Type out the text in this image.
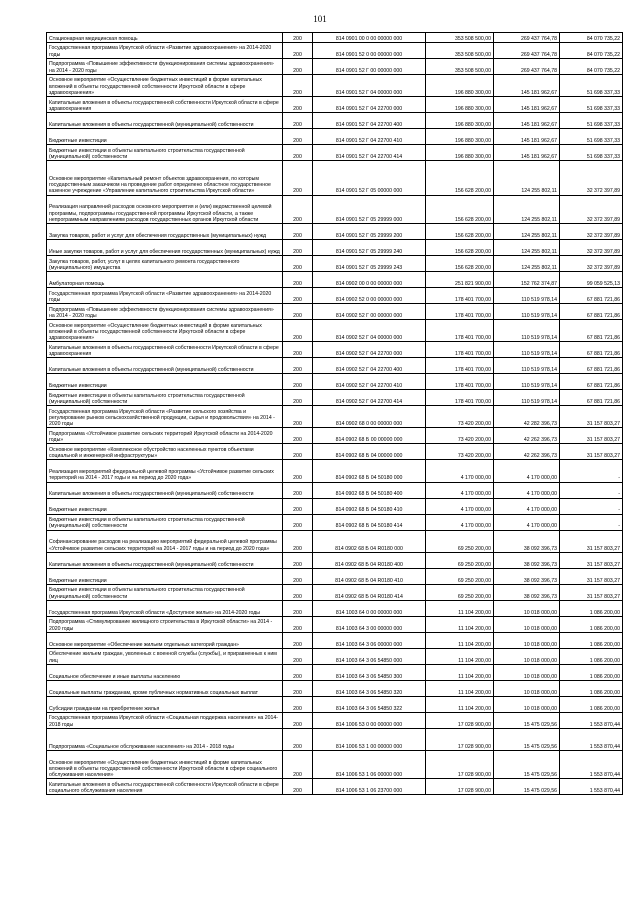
101
Стационарная медицинская помощь	200	814 0901 00 0 00 00000 000	353 508 500,00	269 437 764,78	84 070 735,22
Государственная программа Иркутской области «Развитие здравоохранения» на 2014-2020 годы	200	814 0901 52 0 00 00000 000	353 508 500,00	269 437 764,78	84 070 735,22
Подпрограмма «Повышение эффективности функционирования системы здравоохранения» на 2014 - 2020 годы	200	814 0901 52 Г 00 00000 000	353 508 500,00	269 437 764,78	84 070 735,22
Основное мероприятие «Осуществление бюджетных инвестиций в форме капитальных вложений в объекты государственной собственности Иркутской области в сфере здравоохранения»	200	814 0901 52 Г 04 00000 000	196 880 300,00	145 181 962,67	51 698 337,33
Капитальные вложения в объекты государственной собственности Иркутской области в сфере здравоохранения	200	814 0901 52 Г 04 22700 000	196 880 300,00	145 181 962,67	51 698 337,33
Капитальные вложения в объекты государственной (муниципальной) собственности	200	814 0901 52 Г 04 22700 400	196 880 300,00	145 181 962,67	51 698 337,33
Бюджетные инвестиции	200	814 0901 52 Г 04 22700 410	196 880 300,00	145 181 962,67	51 698 337,33
Бюджетные инвестиции в объекты капитального строительства государственной (муниципальной) собственности	200	814 0901 52 Г 04 22700 414	196 880 300,00	145 181 962,67	51 698 337,33
Основное мероприятие «Капитальный ремонт объектов здравоохранения, по которым государственным заказчиком на проведение работ определено областное государственное казенное учреждение «Управление капитального строительства Иркутской области»	200	814 0901 52 Г 05 00000 000	156 628 200,00	124 255 802,11	32 372 397,89
Реализация направлений расходов основного мероприятия и (или) ведомственной целевой программы, подпрограммы государственной программы Иркутской области, а также непрограммным направлениям расходов государственных органов Иркутской области	200	814 0901 52 Г 05 29999 000	156 628 200,00	124 255 802,11	32 372 397,89
Закупка товаров, работ и услуг для обеспечения государственных (муниципальных) нужд	200	814 0901 52 Г 05 29999 200	156 628 200,00	124 255 802,11	32 372 397,89
Иные закупки товаров, работ и услуг для обеспечения государственных (муниципальных) нужд	200	814 0901 52 Г 05 29999 240	156 628 200,00	124 255 802,11	32 372 397,89
Закупка товаров, работ, услуг в целях капитального ремонта государственного (муниципального) имущества	200	814 0901 52 Г 05 29999 243	156 628 200,00	124 255 802,11	32 372 397,89
Амбулаторная помощь	200	814 0902 00 0 00 00000 000	251 821 900,00	152 762 374,87	99 059 525,13
Государственная программа Иркутской области «Развитие здравоохранения» на 2014-2020 годы	200	814 0902 52 0 00 00000 000	178 401 700,00	110 519 978,14	67 881 721,86
Подпрограмма «Повышение эффективности функционирования системы здравоохранения» на 2014 - 2020 годы	200	814 0902 52 Г 00 00000 000	178 401 700,00	110 519 978,14	67 881 721,86
Основное мероприятие «Осуществление бюджетных инвестиций в форме капитальных вложений в объекты государственной собственности Иркутской области в сфере здравоохранения»	200	814 0902 52 Г 04 00000 000	178 401 700,00	110 519 978,14	67 881 721,86
Капитальные вложения в объекты государственной собственности Иркутской области в сфере здравоохранения	200	814 0902 52 Г 04 22700 000	178 401 700,00	110 519 978,14	67 881 721,86
Капитальные вложения в объекты государственной (муниципальной) собственности	200	814 0902 52 Г 04 22700 400	178 401 700,00	110 519 978,14	67 881 721,86
Бюджетные инвестиции	200	814 0902 52 Г 04 22700 410	178 401 700,00	110 519 978,14	67 881 721,86
Бюджетные инвестиции в объекты капитального строительства государственной (муниципальной) собственности	200	814 0902 52 Г 04 22700 414	178 401 700,00	110 519 978,14	67 881 721,86
Государственная программа Иркутской области «Развитие сельского хозяйства и регулирование рынков сельскохозяйственной продукции, сырья и продовольствия» на 2014 - 2020 годы	200	814 0902 68 0 00 00000 000	73 420 200,00	42 282 396,73	31 157 803,27
Подпрограмма «Устойчивое развитие сельских территорий Иркутской области на 2014-2020 годы»	200	814 0902 68 Б 00 00000 000	73 420 200,00	42 262 396,73	31 157 803,27
Основное мероприятие «Комплексное обустройство населенных пунктов объектами социальной и инженерной инфраструктуры»	200	814 0902 68 Б 04 00000 000	73 420 200,00	42 262 396,73	31 157 803,27
Реализация мероприятий федеральной целевой программы «Устойчивое развитие сельских территорий на 2014 - 2017 годы и на период до 2020 года»	200	814 0902 68 Б 04 50180 000	4 170 000,00	4 170 000,00	-
Капитальные вложения в объекты государственной (муниципальной) собственности	200	814 0902 68 Б 04 50180 400	4 170 000,00	4 170 000,00	-
Бюджетные инвестиции	200	814 0902 68 Б 04 50180 410	4 170 000,00	4 170 000,00	-
Бюджетные инвестиции в объекты капитального строительства государственной (муниципальной) собственности	200	814 0902 68 Б 04 50180 414	4 170 000,00	4 170 000,00	-
Софинансирование расходов на реализацию мероприятий федеральной целевой программы «Устойчивое развитие сельских территорий на 2014 - 2017 годы и на период до 2020 года»	200	814 0902 68 Б 04 R0180 000	69 250 200,00	38 092 396,73	31 157 803,27
Капитальные вложения в объекты государственной (муниципальной) собственности	200	814 0902 68 Б 04 R0180 400	69 250 200,00	38 092 396,73	31 157 803,27
Бюджетные инвестиции	200	814 0902 68 Б 04 R0180 410	69 250 200,00	38 092 396,73	31 157 803,27
Бюджетные инвестиции в объекты капитального строительства государственной (муниципальной) собственности	200	814 0902 68 Б 04 R0180 414	69 250 200,00	38 092 396,73	31 157 803,27
Государственная программа Иркутской области «Доступное жилье» на 2014-2020 годы	200	814 1003 64 0 00 00000 000	11 104 200,00	10 018 000,00	1 086 200,00
Подпрограмма «Стимулирование жилищного строительства в Иркутской области» на 2014 - 2020 годы	200	814 1003 64 3 00 00000 000	11 104 200,00	10 018 000,00	1 086 200,00
Основное мероприятие «Обеспечение жильем отдельных категорий граждан»	200	814 1003 64 3 06 00000 000	11 104 200,00	10 018 000,00	1 086 200,00
Обеспечение жильем граждан, уволенных с военной службы (службы), и приравненных к ним лиц	200	814 1003 64 3 06 54850 000	11 104 200,00	10 018 000,00	1 086 200,00
Социальное обеспечение и иные выплаты населению	200	814 1003 64 3 06 54850 300	11 104 200,00	10 018 000,00	1 086 200,00
Социальные выплаты гражданам, кроме публичных нормативных социальных выплат	200	814 1003 64 3 06 54850 320	11 104 200,00	10 018 000,00	1 086 200,00
Субсидии гражданам на приобретение жилья	200	814 1003 64 3 06 54850 322	11 104 200,00	10 018 000,00	1 086 200,00
Государственная программа Иркутской области «Социальная поддержка населения» на 2014-2018 годы	200	814 1006 53 0 00 00000 000	17 028 900,00	15 475 029,56	1 553 870,44
Подпрограмма «Социальное обслуживание населения» на 2014 - 2018 годы	200	814 1006 53 1 00 00000 000	17 028 900,00	15 475 029,56	1 553 870,44
Основное мероприятие «Осуществление бюджетных инвестиций в форме капитальных вложений в объекты государственной собственности Иркутской области в сфере социального обслуживания населения»	200	814 1006 53 1 06 00000 000	17 028 900,00	15 475 029,56	1 553 870,44
Капитальные вложения в объекты государственной собственности Иркутской области в сфере социального обслуживания населения	200	814 1006 53 1 06 23700 000	17 028 900,00	15 475 029,56	1 553 870,44
